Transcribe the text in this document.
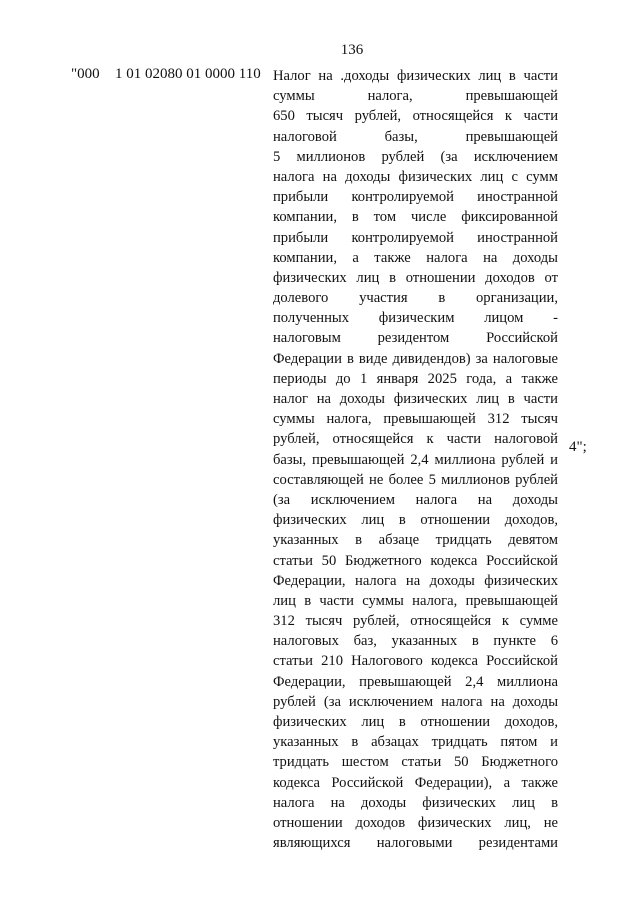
136
"000 1 01 02080 01 0000 110 Налог на .доходы физических лиц в части
суммы налога, превышающей
650 тысяч рублей, относящейся к части
налоговой базы, превышающей
5 миллионов рублей (за исключением
налога на доходы физических лиц с сумм
прибыли контролируемой иностранной
компании, в том числе фиксированной
прибыли контролируемой иностранной
компании, а также налога на доходы
физических лиц в отношении доходов от
долевого участия в организации,
полученных физическим лицом -
налоговым резидентом Российской
Федерации в виде дивидендов) за налоговые
периоды до 1 января 2025 года, а также
налог на доходы физических лиц в части
суммы налога, превышающей 312 тысяч
рублей, относящейся к части налоговой
базы, превышающей 2,4 миллиона рублей и
составляющей не более 5 миллионов рублей
(за исключением налога на доходы
физических лиц в отношении доходов,
указанных в абзаце тридцать девятом
статьи 50 Бюджетного кодекса Российской
Федерации, налога на доходы физических
лиц в части суммы налога, превышающей
312 тысяч рублей, относящейся к сумме
налоговых баз, указанных в пункте 6
статьи 210 Налогового кодекса Российской
Федерации, превышающей 2,4 миллиона
рублей (за исключением налога на доходы
физических лиц в отношении доходов,
указанных в абзацах тридцать пятом и
тридцать шестом статьи 50 Бюджетного
кодекса Российской Федерации), а также
налога на доходы физических лиц в
отношении доходов физических лиц, не
являющихся налоговыми резидентами
4";
